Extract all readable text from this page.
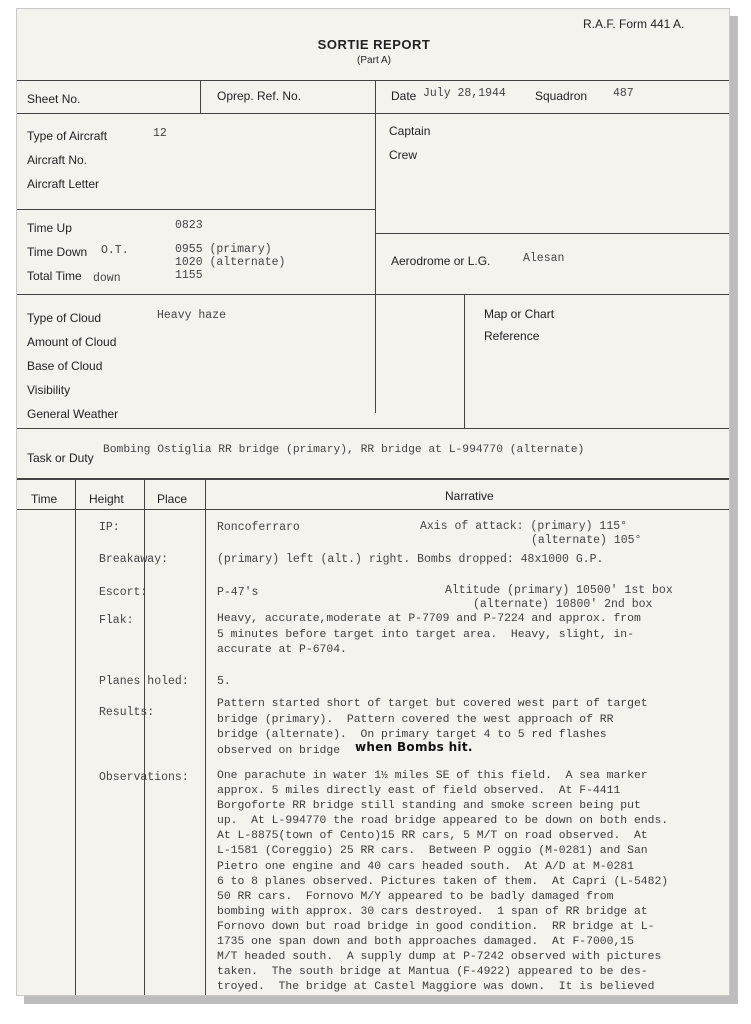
R.A.F. Form 441 A.
SORTIE REPORT
(Part A)
Sheet No.	Oprep. Ref. No.	Date July 28,1944 Squadron 487
Type of Aircraft	12
Aircraft No.
Aircraft Letter
Captain
Crew
Time Up	0823
Time Down O.T.	0955 (primary)
1020 (alternate)
Total Time down	1155
Aerodrome or L.G.	Alesan
Type of Cloud	Heavy haze
Amount of Cloud
Base of Cloud
Visibility
General Weather
Map or Chart
Reference
Task or Duty
Bombing Ostiglia RR bridge (primary), RR bridge at L-994770 (alternate)
Time	Height	Place	Narrative
IP:	Roncoferraro	Axis of attack: (primary) 115°
(alternate) 105°
Breakaway:	(primary) left (alt.) right. Bombs dropped: 48x1000 G.P.
Escort:	P-47's	Altitude (primary) 10500' 1st box
(alternate) 10800' 2nd box
Flak:	Heavy, accurate,moderate at P-7709 and P-7224 and approx. from
5 minutes before target into target area.  Heavy, slight, in-
accurate at P-6704.
Planes holed: 5.
Results:
Pattern started short of target but covered west part of target
bridge (primary).  Pattern covered the west approach of RR
bridge (alternate).  On primary target 4 to 5 red flashes
observed on bridge	when Bombs hit.
Observations: One parachute in water 1½ miles SE of this field.  A sea marker
approx. 5 miles directly east of field observed.  At F-4411
Borgoforte RR bridge still standing and smoke screen being put
up.  At L-994770 the road bridge appeared to be down on both ends.
At L-8875(town of Cento)15 RR cars, 5 M/T on road observed.  At
L-1581 (Coreggio) 25 RR cars.  Between P oggio (M-0281) and San
Pietro one engine and 40 cars headed south.  At A/D at M-0281
6 to 8 planes observed. Pictures taken of them.  At Capri (L-5482)
50 RR cars.  Fornovo M/Y appeared to be badly damaged from
bombing with approx. 30 cars destroyed.  1 span of RR bridge at
Fornovo down but road bridge in good condition.  RR bridge at L-
1735 one span down and both approaches damaged.  At F-7000,15
M/T headed south.  A supply dump at P-7242 observed with pictures
taken.  The south bridge at Mantua (F-4922) appeared to be des-
troyed.  The bridge at Castel Maggiore was down.  It is believed
